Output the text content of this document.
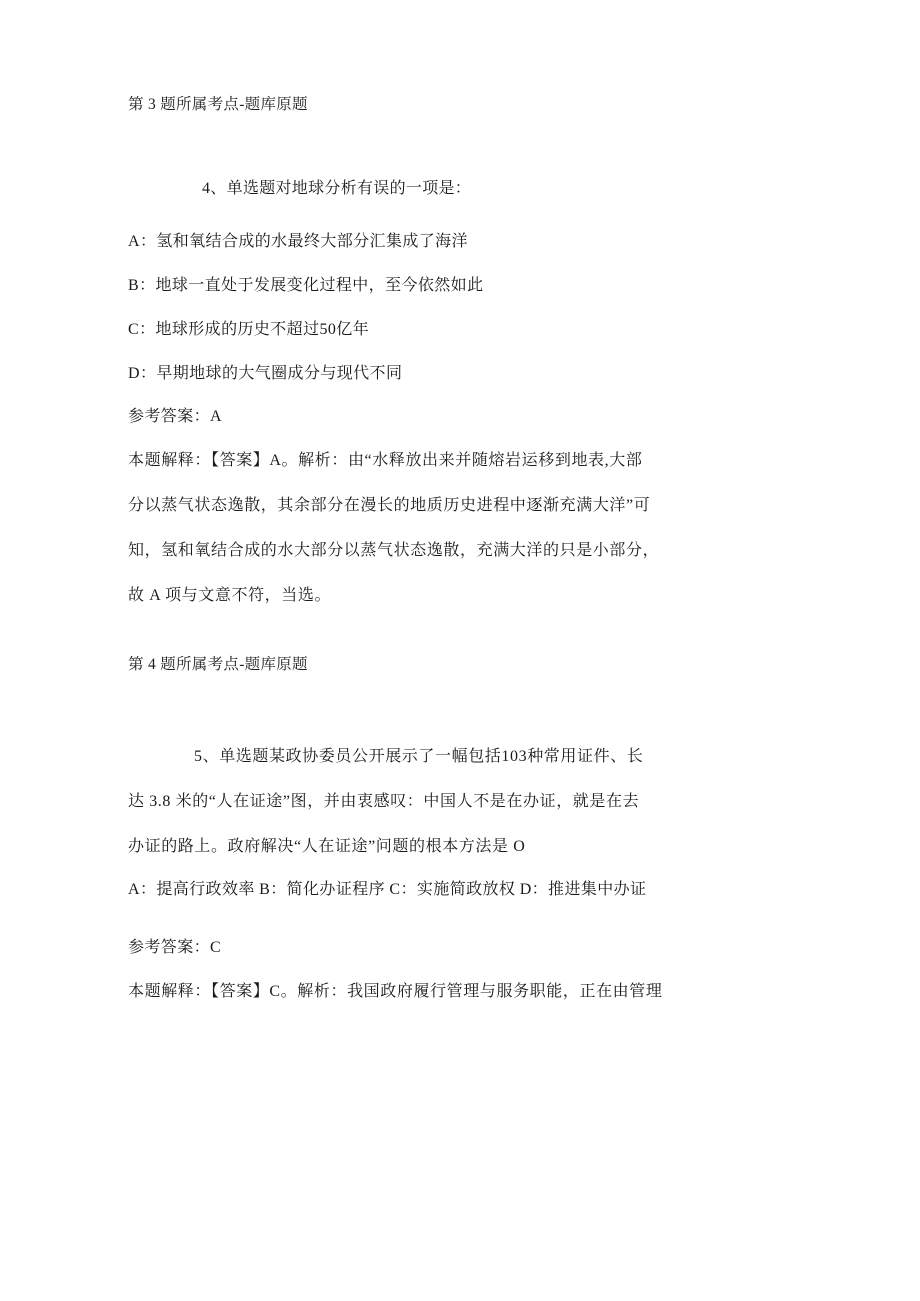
第 3 题所属考点-题库原题
4、单选题对地球分析有误的一项是：
A：氢和氧结合成的水最终大部分汇集成了海洋
B：地球一直处于发展变化过程中，至今依然如此
C：地球形成的历史不超过50亿年
D：早期地球的大气圈成分与现代不同
参考答案：A

本题解释：【答案】A。解析：由“水释放出来并随熔岩运移到地表,大部

分以蒸气状态逸散，其余部分在漫长的地质历史进程中逐渐充满大洋”可

知，氢和氧结合成的水大部分以蒸气状态逸散，充满大洋的只是小部分，

故 A 项与文意不符，当选。

第 4 题所属考点-题库原题
5、单选题某政协委员公开展示了一幅包括103种常用证件、长
达 3.8 米的“人在证途”图，并由衷感叹：中国人不是在办证，就是在去
办证的路上。政府解决“人在证途”问题的根本方法是 O
A：提高行政效率 B：简化办证程序 C：实施简政放权 D：推进集中办证
参考答案：C
本题解释：【答案】C。解析：我国政府履行管理与服务职能，正在由管理
